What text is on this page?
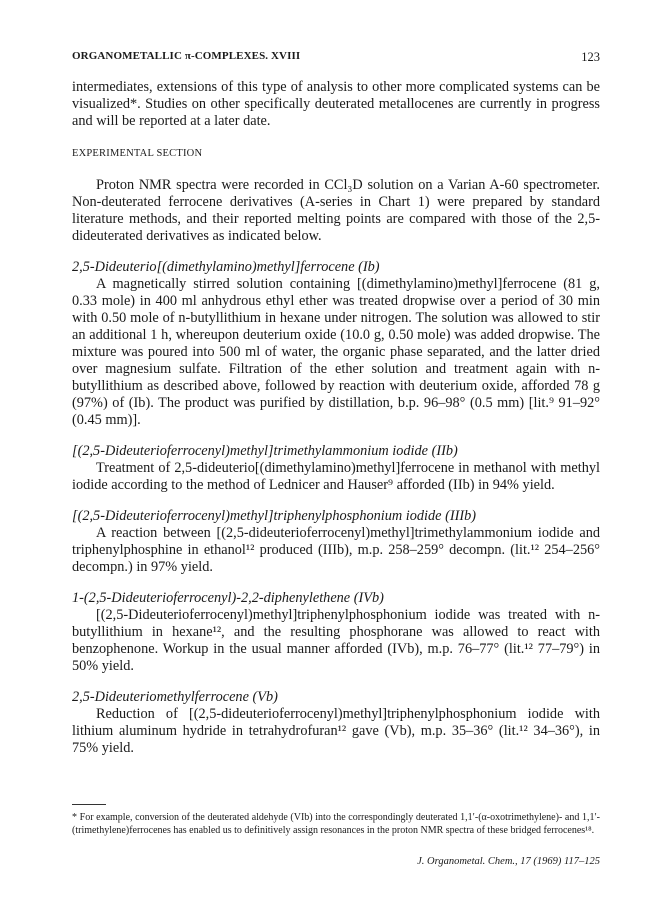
ORGANOMETALLIC π-COMPLEXES. XVIII	123

intermediates, extensions of this type of analysis to other more complicated systems can be visualized*. Studies on other specifically deuterated metallocenes are currently in progress and will be reported at a later date.

EXPERIMENTAL SECTION

Proton NMR spectra were recorded in CCl₃D solution on a Varian A-60 spectrometer. Non-deuterated ferrocene derivatives (A-series in Chart 1) were prepared by standard literature methods, and their reported melting points are compared with those of the 2,5-dideuterated derivatives as indicated below.

2,5-Dideuterio[(dimethylamino)methyl]ferrocene (Ib)

A magnetically stirred solution containing [(dimethylamino)methyl]ferrocene (81 g, 0.33 mole) in 400 ml anhydrous ethyl ether was treated dropwise over a period of 30 min with 0.50 mole of n-butyllithium in hexane under nitrogen. The solution was allowed to stir an additional 1 h, whereupon deuterium oxide (10.0 g, 0.50 mole) was added dropwise. The mixture was poured into 500 ml of water, the organic phase separated, and the latter dried over magnesium sulfate. Filtration of the ether solution and treatment again with n-butyllithium as described above, followed by reaction with deuterium oxide, afforded 78 g (97%) of (Ib). The product was purified by distillation, b.p. 96–98° (0.5 mm) [lit.⁹ 91–92° (0.45 mm)].

[(2,5-Dideuterioferrocenyl)methyl]trimethylammonium iodide (IIb)

Treatment of 2,5-dideuterio[(dimethylamino)methyl]ferrocene in methanol with methyl iodide according to the method of Lednicer and Hauser⁹ afforded (IIb) in 94% yield.

[(2,5-Dideuterioferrocenyl)methyl]triphenylphosphonium iodide (IIIb)

A reaction between [(2,5-dideuterioferrocenyl)methyl]trimethylammonium iodide and triphenylphosphine in ethanol¹² produced (IIIb), m.p. 258–259° decompn. (lit.¹² 254–256° decompn.) in 97% yield.

1-(2,5-Dideuterioferrocenyl)-2,2-diphenylethene (IVb)

[(2,5-Dideuterioferrocenyl)methyl]triphenylphosphonium iodide was treated with n-butyllithium in hexane¹², and the resulting phosphorane was allowed to react with benzophenone. Workup in the usual manner afforded (IVb), m.p. 76–77° (lit.¹² 77–79°) in 50% yield.

2,5-Dideuteriomethylferrocene (Vb)

Reduction of [(2,5-dideuterioferrocenyl)methyl]triphenylphosphonium iodide with lithium aluminum hydride in tetrahydrofuran¹² gave (Vb), m.p. 35–36° (lit.¹² 34–36°), in 75% yield.

* For example, conversion of the deuterated aldehyde (VIb) into the correspondingly deuterated 1,1′-(α-oxotrimethylene)- and 1,1′-(trimethylene)ferrocenes has enabled us to definitively assign resonances in the proton NMR spectra of these bridged ferrocenes¹⁸.

J. Organometal. Chem., 17 (1969) 117–125
